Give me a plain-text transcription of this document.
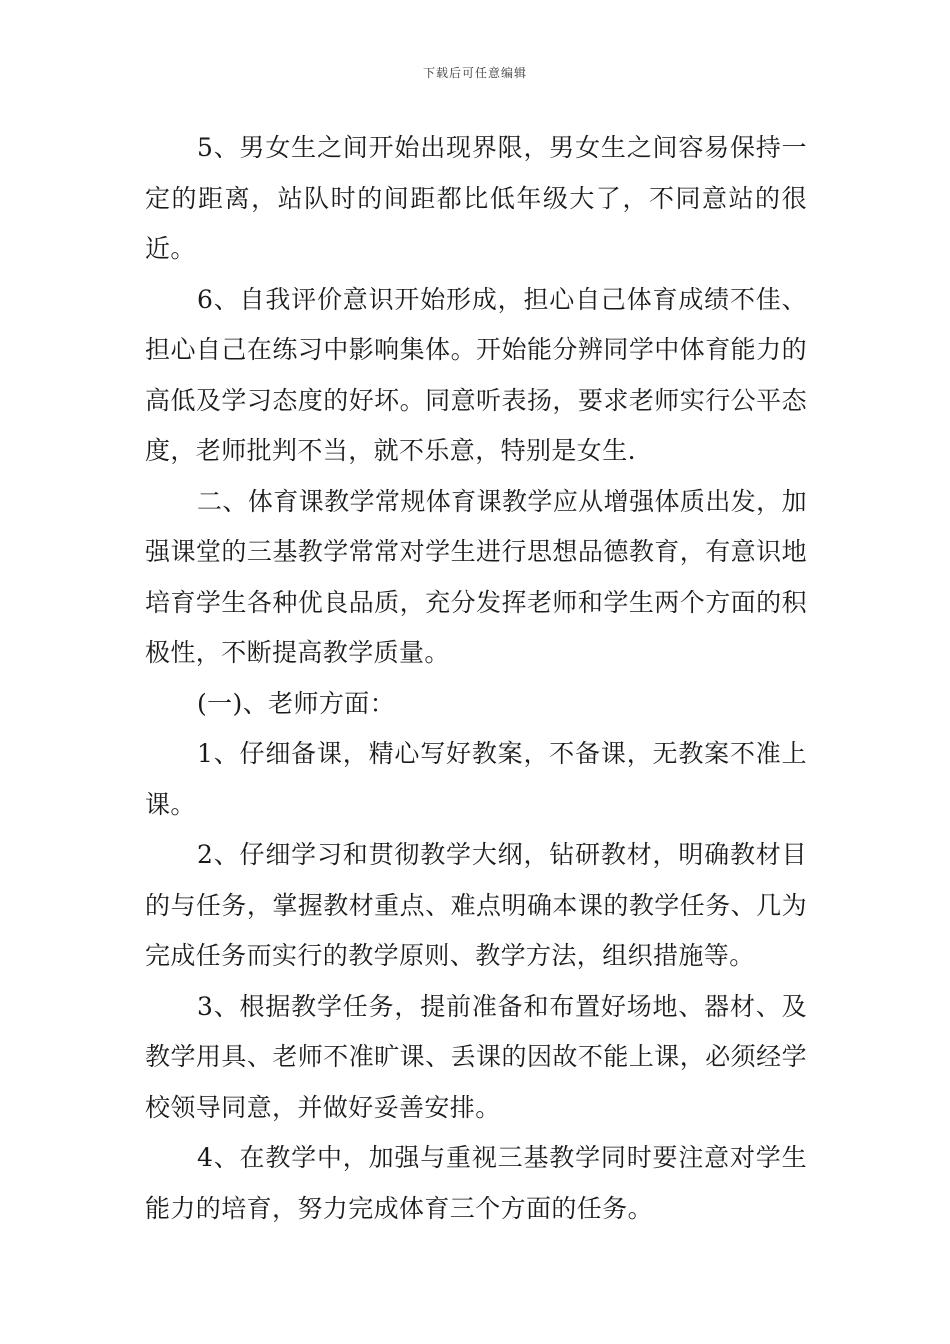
下载后可任意编辑

5、男女生之间开始出现界限，男女生之间容易保持一定的距离，站队时的间距都比低年级大了，不同意站的很近。

6、自我评价意识开始形成，担心自己体育成绩不佳、担心自己在练习中影响集体。开始能分辨同学中体育能力的高低及学习态度的好坏。同意听表扬，要求老师实行公平态度，老师批判不当，就不乐意，特别是女生.

二、体育课教学常规体育课教学应从增强体质出发，加强课堂的三基教学常常对学生进行思想品德教育，有意识地培育学生各种优良品质，充分发挥老师和学生两个方面的积极性，不断提高教学质量。

(一)、老师方面：

1、仔细备课，精心写好教案，不备课，无教案不准上课。

2、仔细学习和贯彻教学大纲，钻研教材，明确教材目的与任务，掌握教材重点、难点明确本课的教学任务、几为完成任务而实行的教学原则、教学方法，组织措施等。

3、根据教学任务，提前准备和布置好场地、器材、及教学用具、老师不准旷课、丢课的因故不能上课，必须经学校领导同意，并做好妥善安排。

4、在教学中，加强与重视三基教学同时要注意对学生能力的培育，努力完成体育三个方面的任务。
